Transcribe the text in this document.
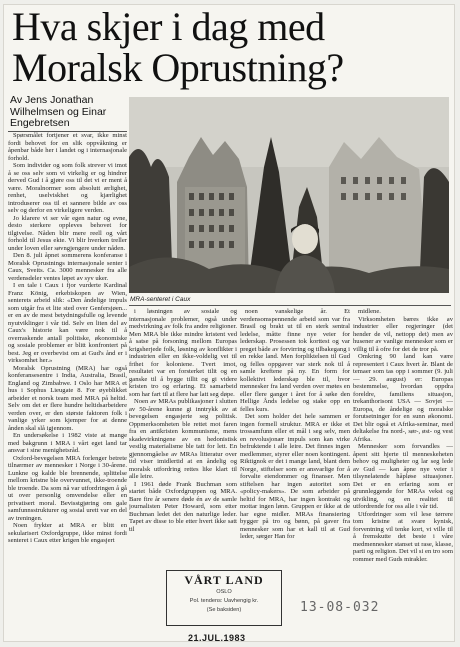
Hva skjer i dag med
Moralsk Oprustning?
Av Jens Jonathan
Wilhelmsen og Einar
Engebretsen

Spørsmålet fortjener et svar, ikke minst fordi behovet for en slik oppvåkning er åpenbar både her i landet og i internasjonale forhold.

Som individer og som folk strever vi imot å se oss selv som vi virkelig er og hindrer derved Gud i å gjøre oss til det vi er ment å være. Moralnormer som absolutt ærlighet, renhet, uselviskhet og kjærlighet introduserer oss til et sannere bilde av oss selv og derfor en virkeligere verden.

Jo klarere vi ser vår egen natur og evne, desto sterkere oppleves behovet for tilgivelse. Nåden blir mere reell og vårt forhold til Jesus ekte. Vi blir hverken treller under loven eller søvngjengere under nåden.

Den 8. juli åpnet sommerens konferanse i Moralsk Oprustnings internasjonale senter i Caux, Sveits. Ca. 3000 mennesker fra alle verdensdeler ventes løpet av syv uker.

I en tale i Caux i fjor vurderte Kardinal Franz König, erkebiskopen av Wien, senterets arbeid slik: «Den åndelige impuls som utgår fra et lite sted over Genfersjøen... er en av de mest betydningsfulle og levende nyutviklinger i vår tid. Selv en liten del av Caux's historie kan være nok til å overraskende antall politiske, økonomiske og sosiale problemer er blitt konfrontert på best. Jeg er overbevist om at Gud's ånd er i virksomhet her.»

Moralsk Oprustning (MRA) har også konferansesentre i India, Australia, Brasil, England og Zimbabwe. I Oslo har MRA et hus i Sophus Lieugate 8. For øyeblikket arbeider et norsk team med MRA på heltid. Selv om det er flere hundre heltidsarbeidere verden over, er den største faktoren folk i vanlige yrker som kjemper for at denne ånden skal slå igjennom.

En undersøkelse i 1982 viste at mange med bakgrunn i MRA i vårt eget land tar ansvar i sine menighetsråd.

Oxford-bevegelsen MRA forlenger betrete tilnærmer av mennesker i Norge i 30-årene. Lunkne og kalde ble brennende, splittelse mellom kristne ble overvunnet, ikke-troende ble troende. Da som nå var utfordringen å gå ut over personlig omvendelse eller en privatisert moral. Bevisstgjøring om gale samfunnsstrukturer og sosial urett var en del av treningen.

Noen frykter at MRA er blitt en sekularisert Oxfordgruppe, ikke minst fordi senteret i Caux etter krigen ble engasjert

MRA-senteret i Caux

i løsningen av sosiale og internasjonale problemer, også under medvirkning av folk fra andre religioner. Men MRA ble ikke mindre kristent ved å satse på forsoning mellom Europas krigsherjede folk, løsning av konflikter i industrien eller en ikke-voldelig vei til frihet for koloniene. Tvert imot, resultatet var en forsterket tilit og en ganske til å bygge tillit og gi videre kristen tro og erfaring. Et samarbeid som har fart til at flere har latt seg døpe.

Noen av MRAs publikasjoner i slutten av 50-årene kunne gi inntrykk av at bevegelsen engasjerte seg politisk. Oppmerksomheten ble rettet mot faren fra en antikristen kommunisme, mens skadevirkningene av en hedonistisk vestlig materialisme ble tatt for lett. En gjennomgåelse av MRAs litteratur over tid viser imidlertid at en åndelig og moralsk utfordring rettes like klart til alle leire.

I 1961 døde Frank Buchman som startet både Oxfordgruppen og MRA. Bare fire år senere døde én av de samle journalisten Peter Howard, som etter Buchman ledet det den naturlige leder. Tapet av disse to ble etter hvert ikke satt til

noen vanskelige år. Et verdensomspennende arbeid som var fra Brasil og brakt ut til en sterk sentral ledelse, måtte finne nye veier for lederskap. Prosessen tok korttest og var preget både av forvirring og tilbakegang i en rekke land. Men forpliktelsen til Gud og felles oppgaver var sterk nok til å samle kreftene på ny. En form for kollektivt lederskap ble til, hvor mennesker fra land verden over møtes en eller flere ganger i året for å søke den Hellige Ånds ledelse og stake opp en felles kurs.

Det som holder det hele sammen er ingen formell struktur. MRA er ikke et trossamfunn eller et mål i seg selv, men en revolusjonær impuls som kan virke befruktende i alle leire. Det finnes ingen medlemmer, styrer eller noen kontingent. Riktignok er det i mange land, blant dem Norge, stiftelser som er ansvarlige for å forvalte eiendommer og finanser. Men stiftelsen har ingen autoritet som «policy-makers». De som arbeider på heltid for MRA, har ingen kontrakt og mottar ingen lønn. Gruppen er ikke at de har egne midler. MRAs finansiering bygger på tro og bønn, på gaver fra mennesker som har et kall til at Gud leder, sørger Han for

midlene.

Virksomheten bæres ikke av industrier eller regjeringer (det hender de vil, nettopp det) men av husener av vanlige mennesker som er villig til å ofre for det de tror på.

Omkring 90 land kan være representert i Caux hvert år. Blant de temaer som tas opp i sommer (9. juli — 29. august) er: Europas bestemmelse, hvordan oppdra foreldre, familiens situasjon, trekanthorisont USA — Sovjet — Europa, de åndelige og moralske forutsetninger for en sunn økonomi. Det blir også et Afrika-seminar, med deltakelse fra nord-, sør-, øst- og vest Afrika.

Mennesker som forvandles — åpent sitt hjerte til menneskeheten behov og muligheter og lar seg lede av Gud — kan åpne nye veier i tilsynelatende håpløse situasjoner. Det er en erfaring som er grunnleggende for MRAs vekst og utvikling, og en realitet til utfordrende for oss alle i vår tid.

Utfordringer som vil lese tørrere tom kristne at svare kynisk, forventning vil tenke kort, vi ville til å fremskutte det beste i våre medmennesker stanset ut rase, klasse, parti og religion. Det vil si en tro som rommer med Guds mirakler.

VÅRT LAND
OSLO
Pol. tendens: Uavhengig kr.
(Se baksiden)
21.JUL.1983
13-08-032
